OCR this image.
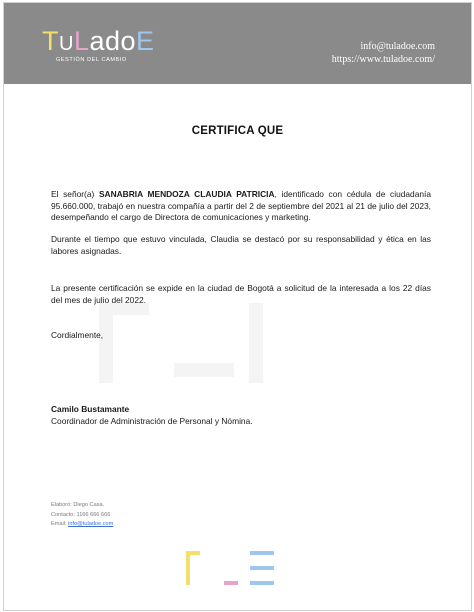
TULadoE
GESTIÓN DEL CAMBIO
info@tuladoe.com
https://www.tuladoe.com/
CERTIFICA QUE

El señor(a) SANABRIA MENDOZA CLAUDIA PATRICIA, identificado con cédula de ciudadanía 95.660.000, trabajó en nuestra compañía a partir del 2 de septiembre del 2021 al 21 de julio del 2023, desempeñando el cargo de Directora de comunicaciones y marketing.

Durante el tiempo que estuvo vinculada, Claudia se destacó por su responsabilidad y ética en las labores asignadas.

La presente certificación se expide en la ciudad de Bogotá a solicitud de la interesada a los 22 días del mes de julio del 2022.

Cordialmente,

Camilo Bustamante

Coordinador de Administración de Personal y Nómina.

Elaboró: Diego Casa.
Contacto: 1166 666 666
Email: info@tuladoe.com
